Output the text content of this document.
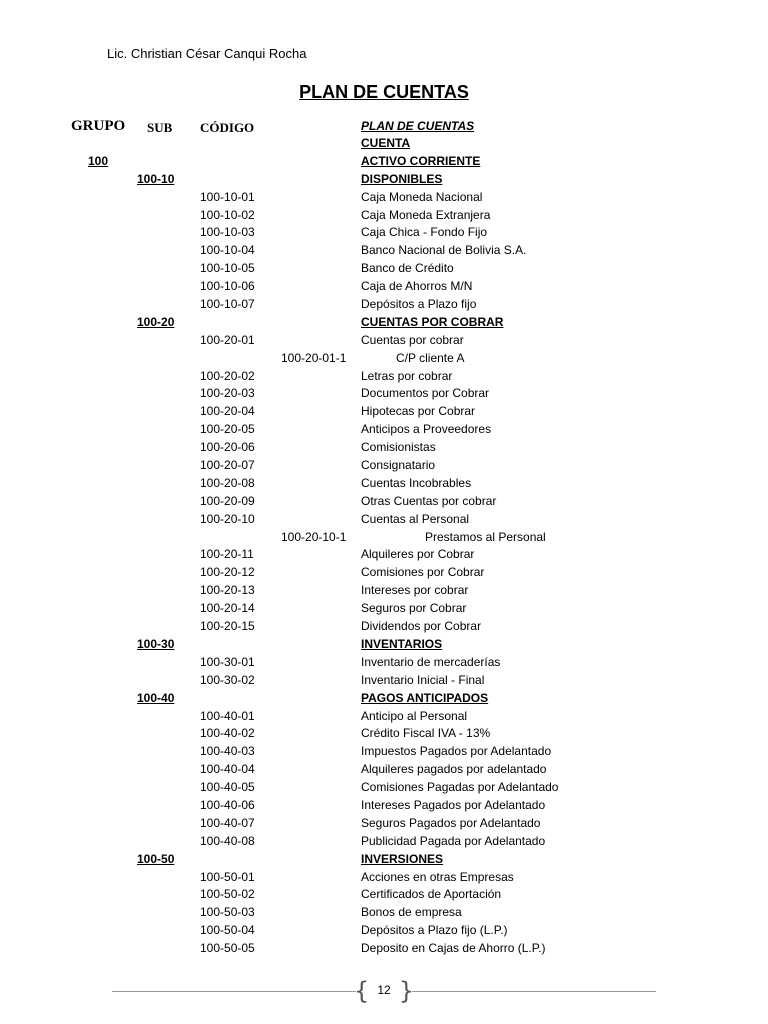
Lic. Christian César Canqui Rocha
PLAN DE CUENTAS
GRUPO SUB CÓDIGO	PLAN DE CUENTAS
CUENTA
100	ACTIVO CORRIENTE
100-10	DISPONIBLES
100-10-01	Caja Moneda Nacional
100-10-02	Caja Moneda Extranjera
100-10-03	Caja Chica - Fondo Fijo
100-10-04	Banco Nacional de Bolivia S.A.
100-10-05	Banco de Crédito
100-10-06	Caja de Ahorros M/N
100-10-07	Depósitos a Plazo fijo
100-20	CUENTAS POR COBRAR
100-20-01	Cuentas por cobrar
100-20-01-1	C/P cliente A
100-20-02	Letras por cobrar
100-20-03	Documentos por Cobrar
100-20-04	Hipotecas por Cobrar
100-20-05	Anticipos a Proveedores
100-20-06	Comisionistas
100-20-07	Consignatario
100-20-08	Cuentas Incobrables
100-20-09	Otras Cuentas por cobrar
100-20-10	Cuentas al Personal
100-20-10-1	Prestamos al Personal
100-20-11	Alquileres por Cobrar
100-20-12	Comisiones por Cobrar
100-20-13	Intereses por cobrar
100-20-14	Seguros por Cobrar
100-20-15	Dividendos por Cobrar
100-30	INVENTARIOS
100-30-01	Inventario de mercaderías
100-30-02	Inventario Inicial - Final
100-40	PAGOS ANTICIPADOS
100-40-01	Anticipo al Personal
100-40-02	Crédito Fiscal IVA - 13%
100-40-03	Impuestos Pagados por Adelantado
100-40-04	Alquileres pagados por adelantado
100-40-05	Comisiones Pagadas por Adelantado
100-40-06	Intereses Pagados por Adelantado
100-40-07	Seguros Pagados por Adelantado
100-40-08	Publicidad Pagada por Adelantado
100-50	INVERSIONES
100-50-01	Acciones en otras Empresas
100-50-02	Certificados de Aportación
100-50-03	Bonos de empresa
100-50-04	Depósitos a Plazo fijo (L.P.)
100-50-05	Deposito en Cajas de Ahorro (L.P.)
{ 12 }
